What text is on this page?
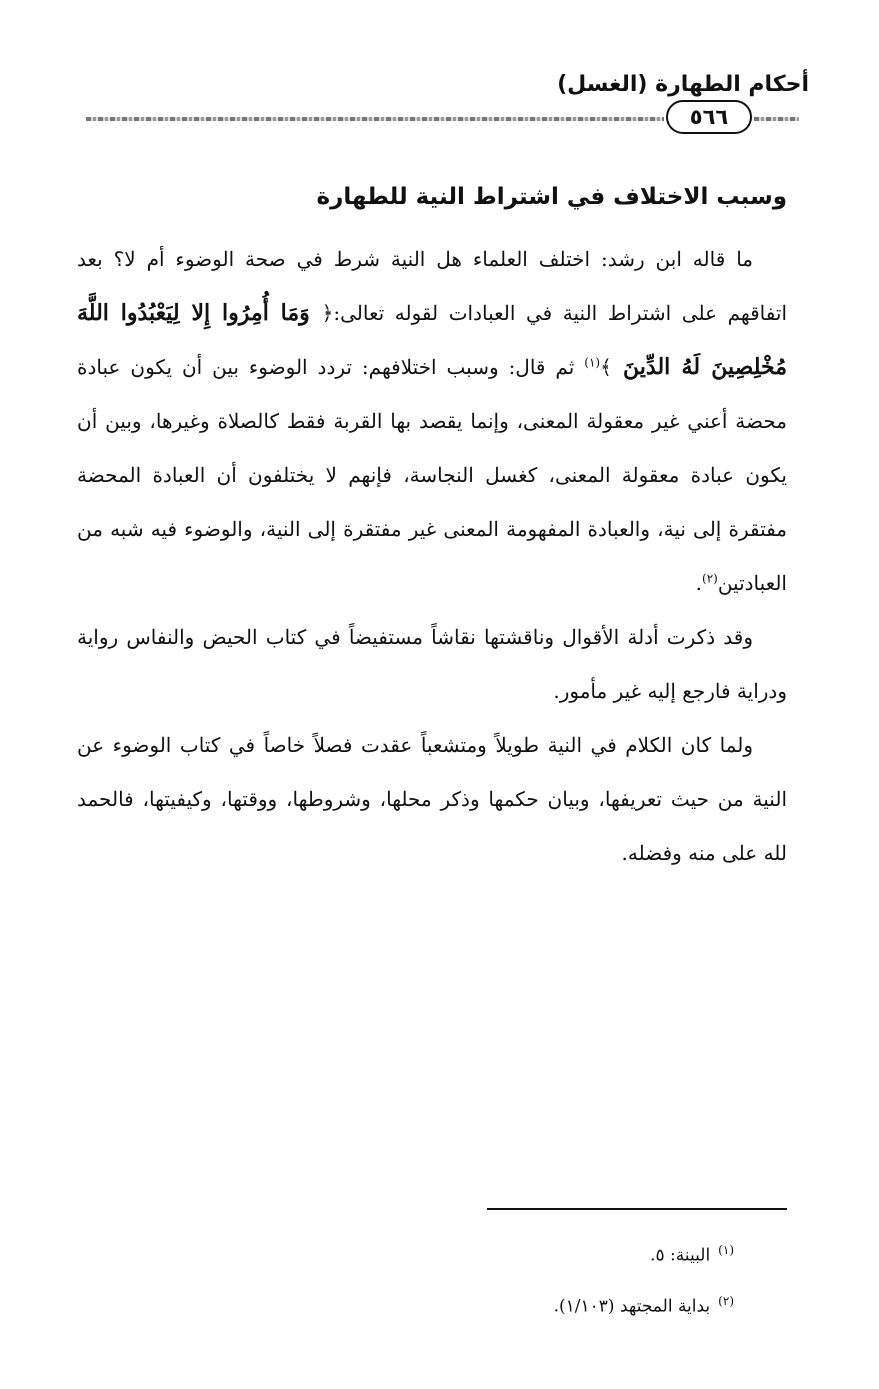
أحكام الطهارة (الغسل)
٥٦٦
وسبب الاختلاف في اشتراط النية للطهارة

ما قاله ابن رشد: اختلف العلماء هل النية شرط في صحة الوضوء أم لا؟ بعد اتفاقهم على اشتراط النية في العبادات لقوله تعالى:﴿ وَمَا أُمِرُوا إِلا لِيَعْبُدُوا اللَّهَ مُخْلِصِينَ لَهُ الدِّينَ ﴾$^{(١)}$ ثم قال: وسبب اختلافهم: تردد الوضوء بين أن يكون عبادة محضة أعني غير معقولة المعنى، وإنما يقصد بها القربة فقط كالصلاة وغيرها، وبين أن يكون عبادة معقولة المعنى، كغسل النجاسة، فإنهم لا يختلفون أن العبادة المحضة مفتقرة إلى نية، والعبادة المفهومة المعنى غير مفتقرة إلى النية، والوضوء فيه شبه من العبادتين$^{(٢)}$.

وقد ذكرت أدلة الأقوال وناقشتها نقاشاً مستفيضاً في كتاب الحيض والنفاس رواية ودراية فارجع إليه غير مأمور.

ولما كان الكلام في النية طويلاً ومتشعباً عقدت فصلاً خاصاً في كتاب الوضوء عن النية من حيث تعريفها، وبيان حكمها وذكر محلها، وشروطها، ووقتها، وكيفيتها، فالحمد لله على منه وفضله.

$^{(١)}$البينة: ٥.
$^{(٢)}$بداية المجتهد (١/١٠٣).
